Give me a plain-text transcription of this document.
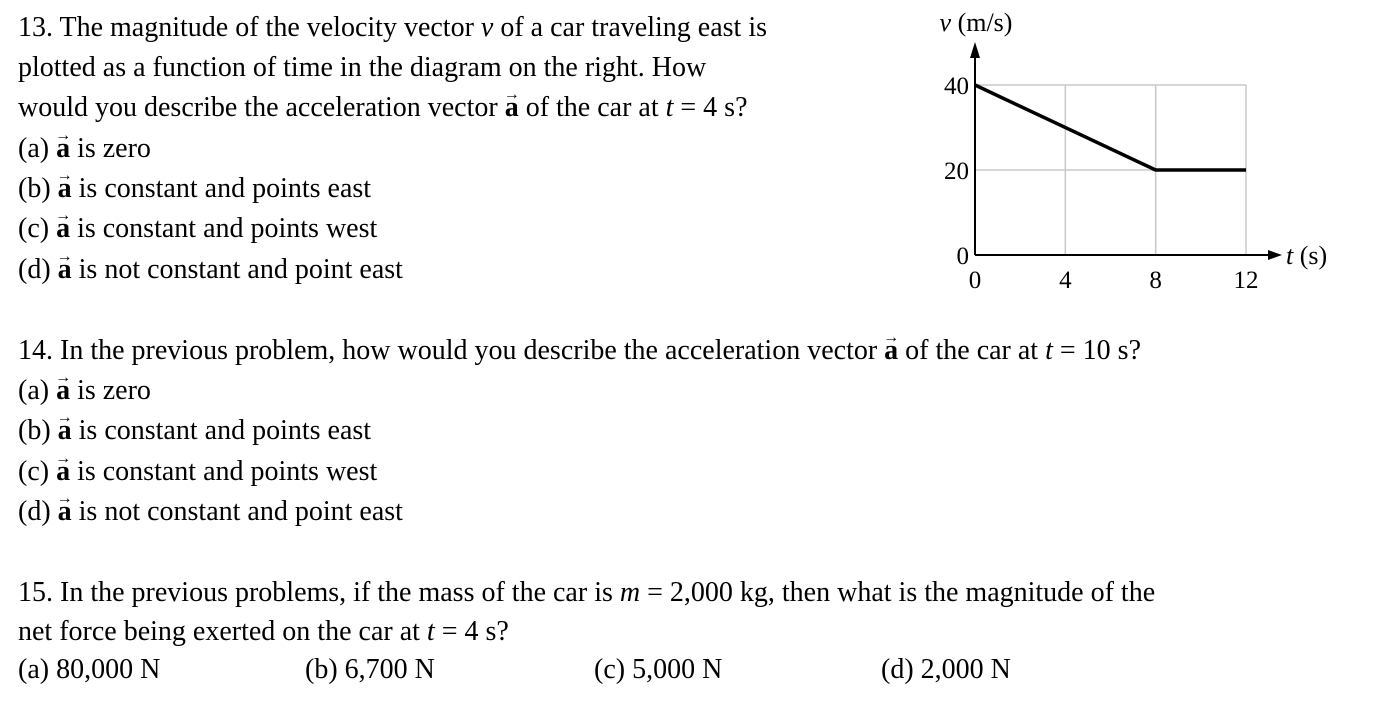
13. The magnitude of the velocity vector v of a car traveling east is
plotted as a function of time in the diagram on the right. How
would you describe the acceleration vector → a of the car at t = 4 s?
(a) → a is zero
(b) → a is constant and points east
(c) → a is constant and points west
(d) → a is not constant and point east	0	4	8	12
0
20
40
v (m/s)
t (s)
14. In the previous problem, how would you describe the acceleration vector → a of the car at t = 10 s?
(a) → a is zero
(b) → a is constant and points east
(c) → a is constant and points west
(d) → a is not constant and point east
15. In the previous problems, if the mass of the car is m = 2,000 kg, then what is the magnitude of the
net force being exerted on the car at t = 4 s?
(a) 80,000 N	(b) 6,700 N	(c) 5,000 N	(d) 2,000 N
